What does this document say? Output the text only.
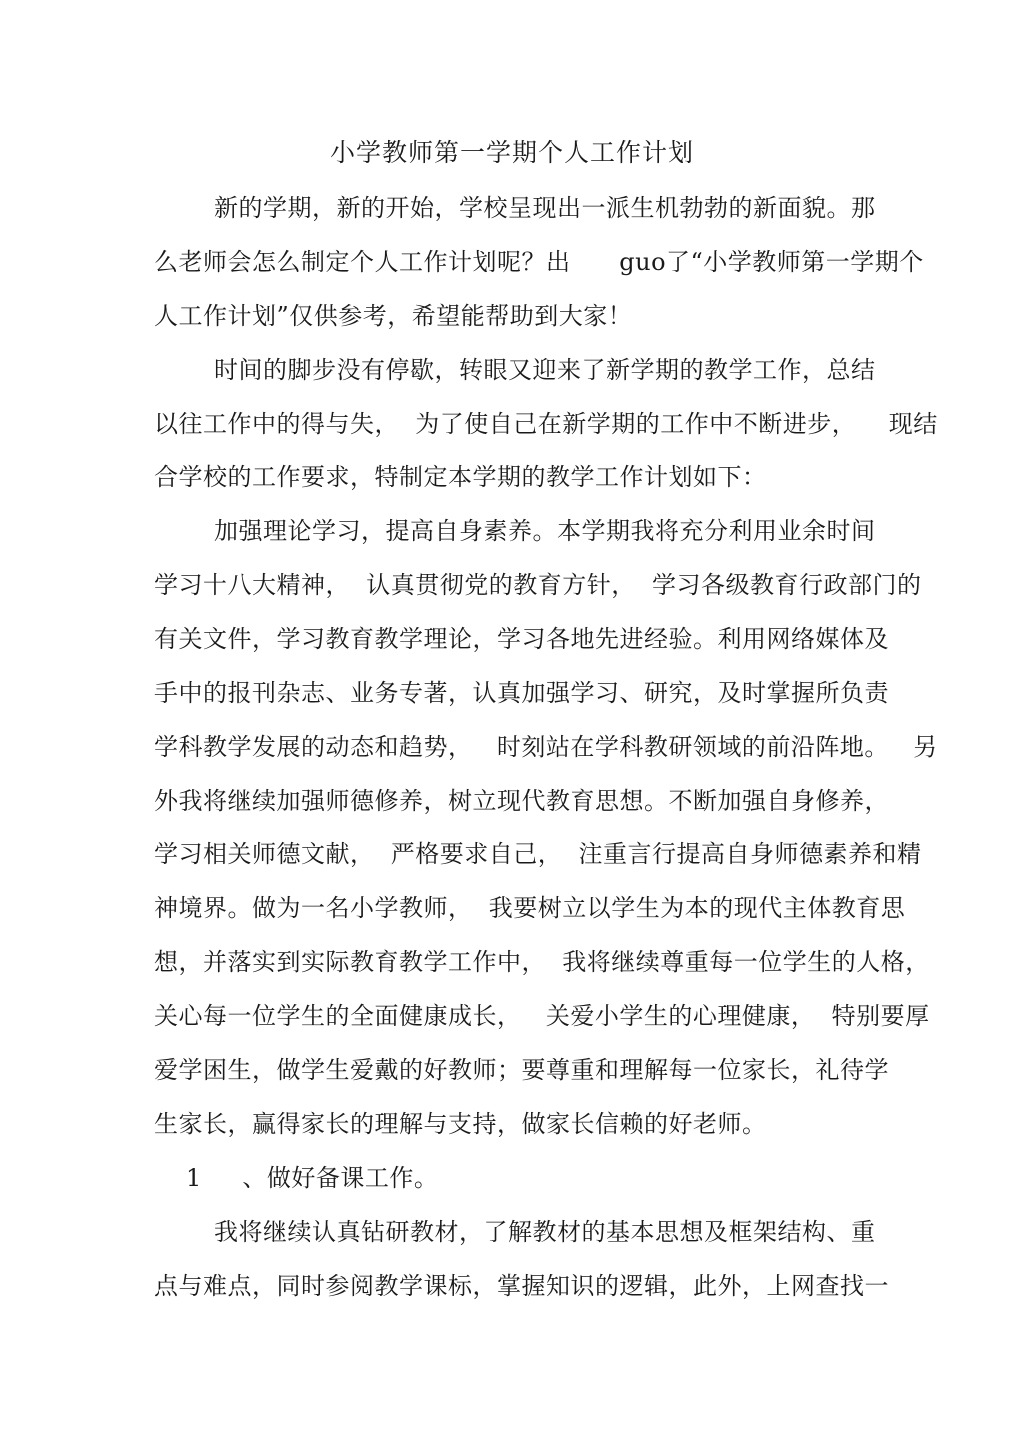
小学教师第一学期个人工作计划
新的学期，新的开始，学校呈现出一派生机勃勃的新面貌。那
么老师会怎么制定个人工作计划呢？出      guo了“小学教师第一学期个
人工作计划”仅供参考，希望能帮助到大家！
时间的脚步没有停歇，转眼又迎来了新学期的教学工作，总结
以往工作中的得与失，  为了使自己在新学期的工作中不断进步，    现结
合学校的工作要求，特制定本学期的教学工作计划如下：
加强理论学习，提高自身素养。本学期我将充分利用业余时间
学习十八大精神，  认真贯彻党的教育方针，  学习各级教育行政部门的
有关文件，学习教育教学理论，学习各地先进经验。利用网络媒体及
手中的报刊杂志、业务专著，认真加强学习、研究，及时掌握所负责
学科教学发展的动态和趋势，   时刻站在学科教研领域的前沿阵地。   另
外我将继续加强师德修养，树立现代教育思想。不断加强自身修养，
学习相关师德文献，  严格要求自己，  注重言行提高自身师德素养和精
神境界。做为一名小学教师，  我要树立以学生为本的现代主体教育思
想，并落实到实际教育教学工作中，  我将继续尊重每一位学生的人格，
关心每一位学生的全面健康成长，   关爱小学生的心理健康，  特别要厚
爱学困生，做学生爱戴的好教师；要尊重和理解每一位家长，礼待学
生家长，赢得家长的理解与支持，做家长信赖的好老师。
1     、做好备课工作。
我将继续认真钻研教材，了解教材的基本思想及框架结构、重
点与难点，同时参阅教学课标，掌握知识的逻辑，此外，上网查找一
